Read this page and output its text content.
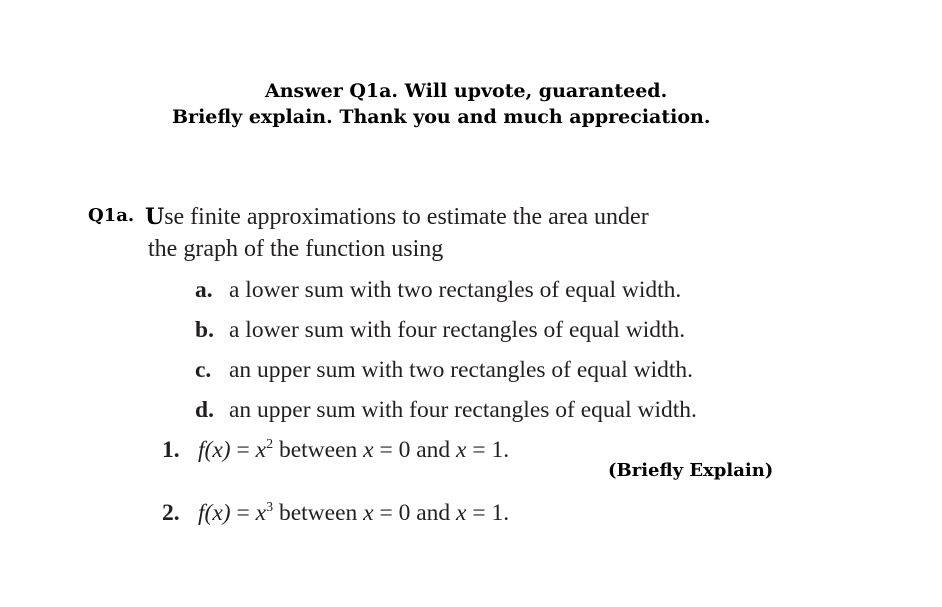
Answer Q1a. Will upvote, guaranteed.
Briefly explain. Thank you and much appreciation.
Q1a. Use finite approximations to estimate the area under
the graph of the function using
a. a lower sum with two rectangles of equal width.
b. a lower sum with four rectangles of equal width.
c. an upper sum with two rectangles of equal width.
d. an upper sum with four rectangles of equal width.
1. $f(x) = x^2$ between x = 0 and x = 1.
(Briefly Explain)
2. $f(x) = x^3$ between x = 0 and x = 1.
